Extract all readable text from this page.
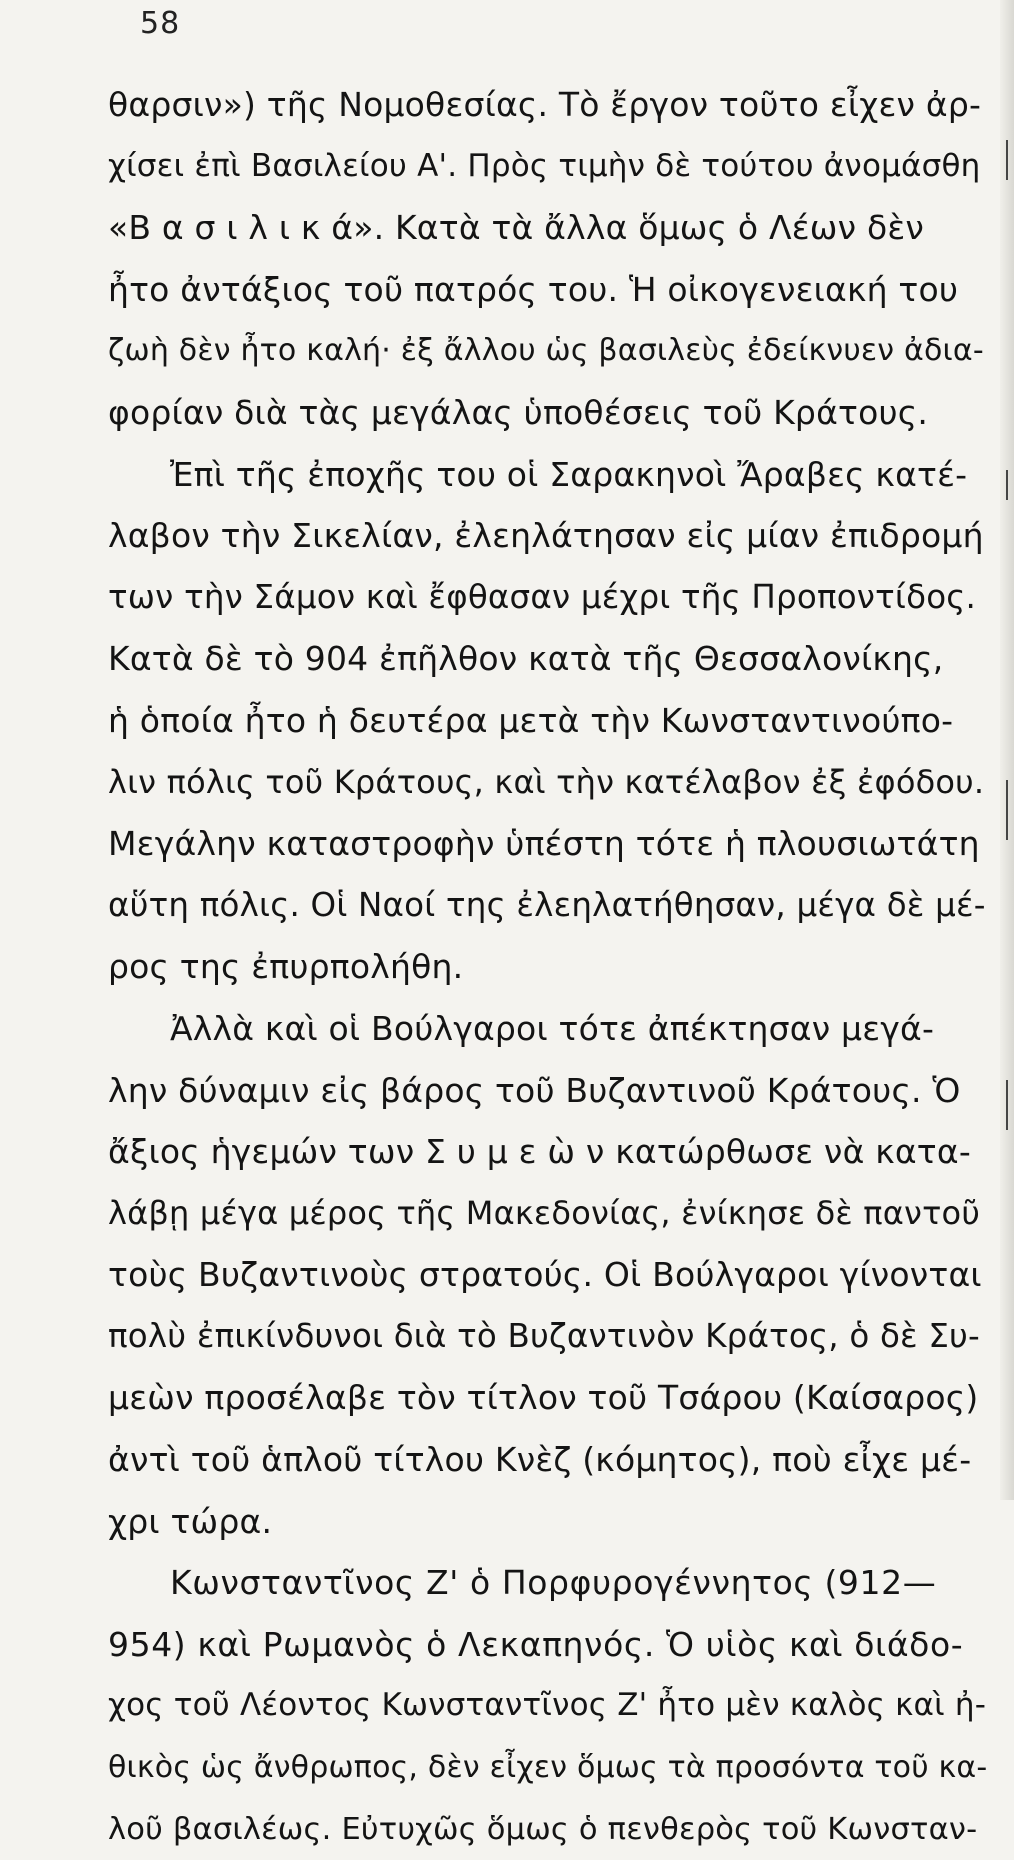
58
θαρσιν») τῆς Νομοθεσίας. Τὸ ἔργον τοῦτο εἶχεν ἀρ-
χίσει ἐπὶ Βασιλείου Α'. Πρὸς τιμὴν δὲ τούτου ἀνομάσθη
«Β α σ ι λ ι κ ά». Κατὰ τὰ ἄλλα ὅμως ὁ Λέων δὲν
ἦτο ἀντάξιος τοῦ πατρός του. Ἡ οἰκογενειακή του
ζωὴ δὲν ἦτο καλή· ἐξ ἄλλου ὡς βασιλεὺς ἐδείκνυεν ἀδια-
φορίαν διὰ τὰς μεγάλας ὑποθέσεις τοῦ Κράτους.
Ἐπὶ τῆς ἐποχῆς του οἱ Σαρακηνοὶ Ἄραβες κατέ-
λαβον τὴν Σικελίαν, ἐλεηλάτησαν εἰς μίαν ἐπιδρομή
των τὴν Σάμον καὶ ἔφθασαν μέχρι τῆς Προποντίδος.
Κατὰ δὲ τὸ 904 ἐπῆλθον κατὰ τῆς Θεσσαλονίκης,
ἡ ὁποία ἦτο ἡ δευτέρα μετὰ τὴν Κωνσταντινούπο-
λιν πόλις τοῦ Κράτους, καὶ τὴν κατέλαβον ἐξ ἐφόδου.
Μεγάλην καταστροφὴν ὑπέστη τότε ἡ πλουσιωτάτη
αὕτη πόλις. Οἱ Ναοί της ἐλεηλατήθησαν, μέγα δὲ μέ-
ρος της ἐπυρπολήθη.
Ἀλλὰ καὶ οἱ Βούλγαροι τότε ἀπέκτησαν μεγά-
λην δύναμιν εἰς βάρος τοῦ Βυζαντινοῦ Κράτους. Ὁ
ἄξιος ἡγεμών των Σ υ μ ε ὼ ν κατώρθωσε νὰ κατα-
λάβῃ μέγα μέρος τῆς Μακεδονίας, ἐνίκησε δὲ παντοῦ
τοὺς Βυζαντινοὺς στρατούς. Οἱ Βούλγαροι γίνονται
πολὺ ἐπικίνδυνοι διὰ τὸ Βυζαντινὸν Κράτος, ὁ δὲ Συ-
μεὼν προσέλαβε τὸν τίτλον τοῦ Τσάρου (Καίσαρος)
ἀντὶ τοῦ ἁπλοῦ τίτλου Κνὲζ (κόμητος), ποὺ εἶχε μέ-
χρι τώρα.
Κωνσταντῖνος Ζ' ὁ Πορφυρογέννητος (912—
954) καὶ Ρωμανὸς ὁ Λεκαπηνός. Ὁ υἱὸς καὶ διάδο-
χος τοῦ Λέοντος Κωνσταντῖνος Ζ' ἦτο μὲν καλὸς καὶ ἠ-
θικὸς ὡς ἄνθρωπος, δὲν εἶχεν ὅμως τὰ προσόντα τοῦ κα-
λοῦ βασιλέως. Εὐτυχῶς ὅμως ὁ πενθερὸς τοῦ Κωνσταν-
